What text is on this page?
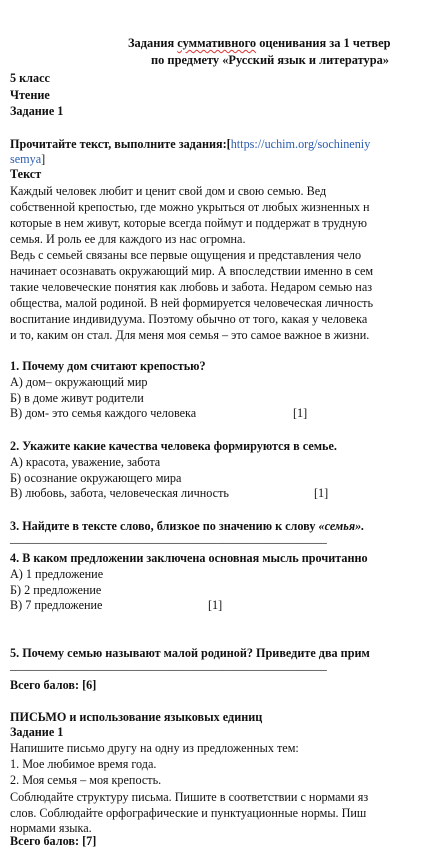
Задания суммативного оценивания за 1 четвер
по предмету «Русский язык и литература»
5 класс
Чтение
Задание 1
Прочитайте текст, выполните задания:[https://uchim.org/sochineniy
semya]
Текст
Каждый человек любит и ценит свой дом и свою семью. Вед
собственной крепостью, где можно укрыться от любых жизненных н
которые в нем живут, которые всегда поймут и поддержат в трудную
семья. И роль ее для каждого из нас огромна.
Ведь с семьей связаны все первые ощущения и представления чело
начинает осознавать окружающий мир. А впоследствии именно в сем
такие человеческие понятия как любовь и забота. Недаром семью наз
общества, малой родиной. В ней формируется человеческая личность
воспитание индивидуума. Поэтому обычно от того, какая у человека
и то, каким он стал. Для меня моя семья – это самое важное в жизни.
1. Почему дом считают крепостью?
А) дом– окружающий мир
Б) в доме живут родители
В) дом- это семья каждого человека	[1]
2. Укажите какие качества человека формируются в семье.
А) красота, уважение, забота
Б) осознание окружающего мира
В) любовь, забота, человеческая личность	[1]
3. Найдите в тексте слово, близкое по значению к слову «семья».
____________________________________________________
4. В каком предложении заключена основная мысль прочитанно
А) 1 предложение
Б) 2 предложение
В) 7 предложение	[1]
5. Почему семью называют малой родиной? Приведите два прим
____________________________________________________
Всего балов: [6]
ПИСЬМО и использование языковых единиц
Задание 1
Напишите письмо другу на одну из предложенных тем:
1. Мое любимое время года.
2. Моя семья – моя крепость.
Соблюдайте структуру письма. Пишите в соответствии с нормами яз
слов. Соблюдайте орфографические и пунктуационные нормы. Пиш
нормами языка.
Всего балов: [7]
